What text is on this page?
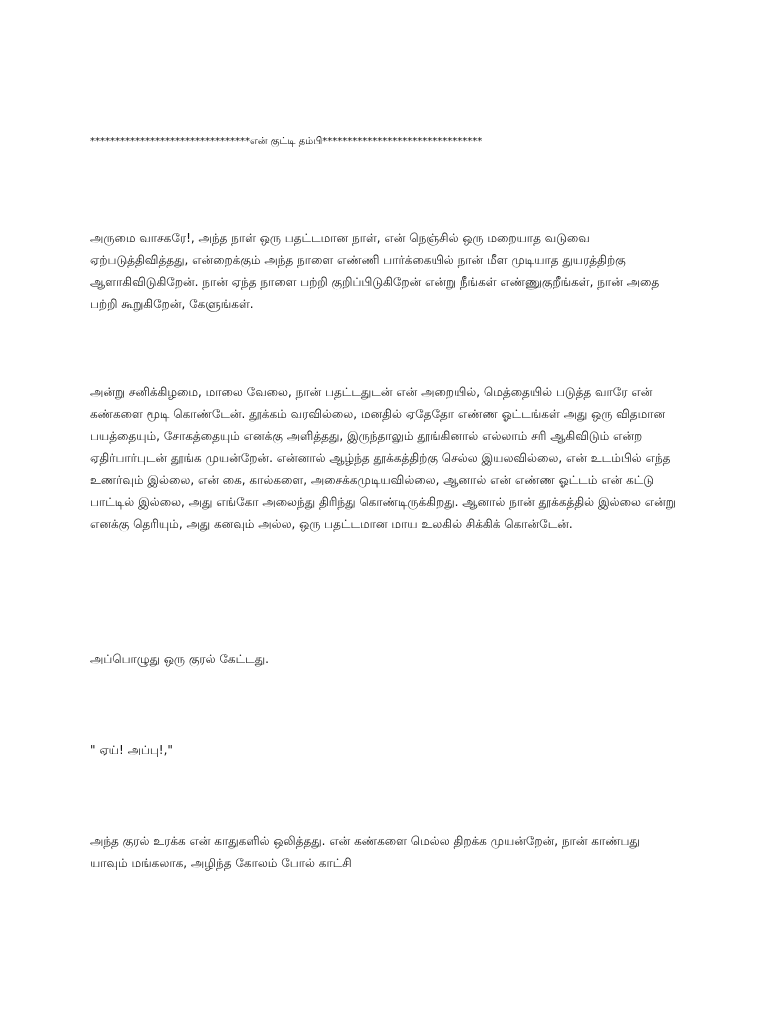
********************************என் குட்டி தம்பி********************************

அருமை வாசகரே!, அந்த நாள் ஒரு பதட்டமான நாள், என் நெஞ்சில் ஒரு மறையாத வடுவை ஏற்படுத்திவித்தது, என்றைக்கும் அந்த நாளை எண்ணி பார்க்கையில் நான் மீள முடியாத துயரத்திற்கு ஆளாகிவிடுகிறேன். நான் ஏந்த நாளை பற்றி குறிப்பிடுகிறேன் என்று நீங்கள் எண்ணுகுறீங்கள், நான் அதை பற்றி கூறுகிறேன், கேளுங்கள்.

அன்று சனிக்கிழமை, மாலை வேலை, நான் பதட்டதுடன் என் அறையில், மெத்தையில் படுத்த வாரே என் கண்களை மூடி கொண்டேன். தூக்கம் வரவில்லை, மனதில் ஏதேதோ எண்ண ஓட்டங்கள் அது ஒரு விதமான பயத்தையும், சோகத்தையும் எனக்கு அளித்தது, இருந்தாலும் தூங்கினால் எல்லாம் சரி ஆகிவிடும் என்ற ஏதிர்பார்புடன் தூங்க முயன்றேன். என்னால் ஆழ்ந்த தூக்கத்திற்கு செல்ல இயலவில்லை, என் உடம்பில் எந்த உணர்வும் இல்லை, என் கை, கால்களை, அசைக்கமுடியவில்லை, ஆனால் என் எண்ண ஓட்டம் என் கட்டு பாட்டில் இல்லை, அது எங்கோ அலைந்து திரிந்து கொண்டிருக்கிறது. ஆனால் நான் தூக்கத்தில் இல்லை என்று எனக்கு தெரியும், அது கனவும் அல்ல, ஒரு பதட்டமான மாய உலகில் சிக்கிக் கொன்டேன்.

அப்பொழுது ஒரு குரல் கேட்டது.

" ஏய்! அப்பு!,"

அந்த குரல் உரக்க என் காதுகளில் ஒலித்தது. என் கண்களை மெல்ல திறக்க முயன்றேன், நான் காண்பது யாவும் மங்கலாக, அழிந்த கோலம் போல் காட்சி
